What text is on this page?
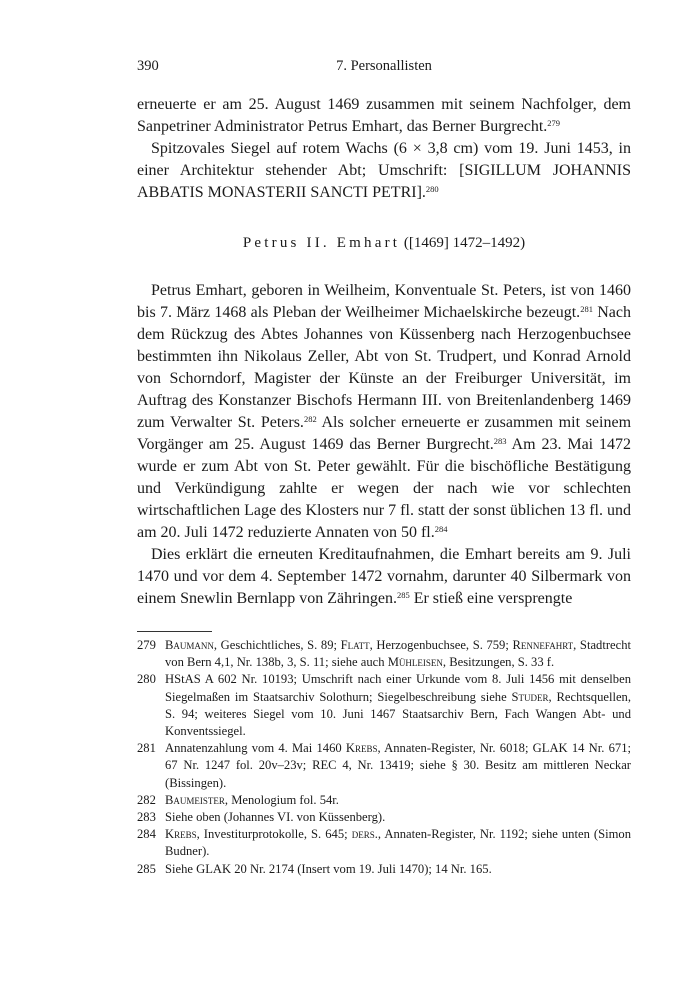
390	7. Personallisten

erneuerte er am 25. August 1469 zusammen mit seinem Nachfolger, dem Sanpetriner Administrator Petrus Emhart, das Berner Burgrecht.$^{279}$

Spitzovales Siegel auf rotem Wachs (6 × 3,8 cm) vom 19. Juni 1453, in einer Architektur stehender Abt; Umschrift: [SIGILLUM JOHANNIS ABBATIS MONASTERII SANCTI PETRI].$^{280}$

Petrus II. Emhart ([1469] 1472–1492)

Petrus Emhart, geboren in Weilheim, Konventuale St. Peters, ist von 1460 bis 7. März 1468 als Pleban der Weilheimer Michaelskirche bezeugt.$^{281}$ Nach dem Rückzug des Abtes Johannes von Küssenberg nach Herzogenbuchsee bestimmten ihn Nikolaus Zeller, Abt von St. Trudpert, und Konrad Arnold von Schorndorf, Magister der Künste an der Freiburger Universität, im Auftrag des Konstanzer Bischofs Hermann III. von Breitenlandenberg 1469 zum Verwalter St. Peters.$^{282}$ Als solcher erneuerte er zusammen mit seinem Vorgänger am 25. August 1469 das Berner Burgrecht.$^{283}$ Am 23. Mai 1472 wurde er zum Abt von St. Peter gewählt. Für die bischöfliche Bestätigung und Verkündigung zahlte er wegen der nach wie vor schlechten wirtschaftlichen Lage des Klosters nur 7 fl. statt der sonst üblichen 13 fl. und am 20. Juli 1472 reduzierte Annaten von 50 fl.$^{284}$

Dies erklärt die erneuten Kreditaufnahmen, die Emhart bereits am 9. Juli 1470 und vor dem 4. September 1472 vornahm, darunter 40 Silbermark von einem Snewlin Bernlapp von Zähringen.$^{285}$ Er stieß eine versprengte

279 Baumann, Geschichtliches, S. 89; Flatt, Herzogenbuchsee, S. 759; Rennefahrt, Stadtrecht von Bern 4,1, Nr. 138b, 3, S. 11; siehe auch Mühleisen, Besitzungen, S. 33 f.
280 HStAS A 602 Nr. 10193; Umschrift nach einer Urkunde vom 8. Juli 1456 mit denselben Siegelmaßen im Staatsarchiv Solothurn; Siegelbeschreibung siehe Studer, Rechtsquellen, S. 94; weiteres Siegel vom 10. Juni 1467 Staatsarchiv Bern, Fach Wangen Abt- und Konventssiegel.
281 Annatenzahlung vom 4. Mai 1460 Krebs, Annaten-Register, Nr. 6018; GLAK 14 Nr. 671; 67 Nr. 1247 fol. 20v–23v; REC 4, Nr. 13419; siehe § 30. Besitz am mittleren Neckar (Bissingen).
282 Baumeister, Menologium fol. 54r.
283 Siehe oben (Johannes VI. von Küssenberg).
284 Krebs, Investiturprotokolle, S. 645; ders., Annaten-Register, Nr. 1192; siehe unten (Simon Budner).
285 Siehe GLAK 20 Nr. 2174 (Insert vom 19. Juli 1470); 14 Nr. 165.
